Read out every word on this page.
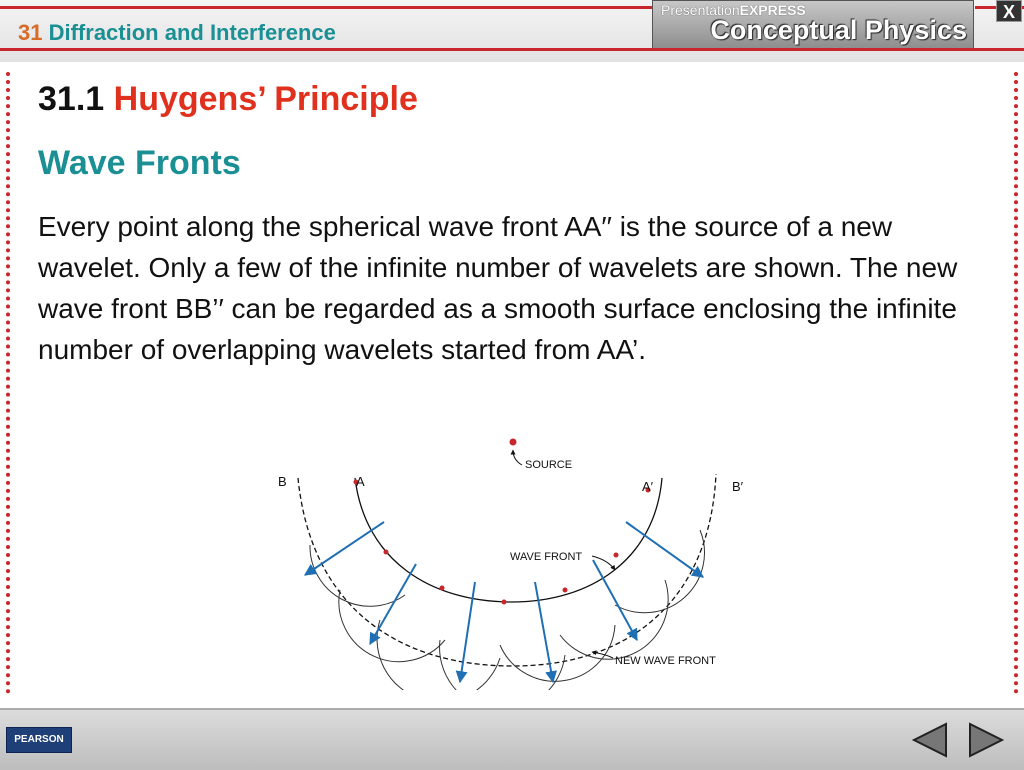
31 Diffraction and Interference
PresentationEXPRESS
Conceptual Physics
X
31.1 Huygens’ Principle
Wave Fronts
Every point along the spherical wave front AA′′ is the source of a new wavelet. Only a few of the infinite number of wavelets are shown. The new wave front BB’′ can be regarded as a smooth surface enclosing the infinite number of overlapping wavelets started from AA’.
B	A	A′	B′
SOURCE
WAVE FRONT
NEW WAVE FRONT
PEARSON
